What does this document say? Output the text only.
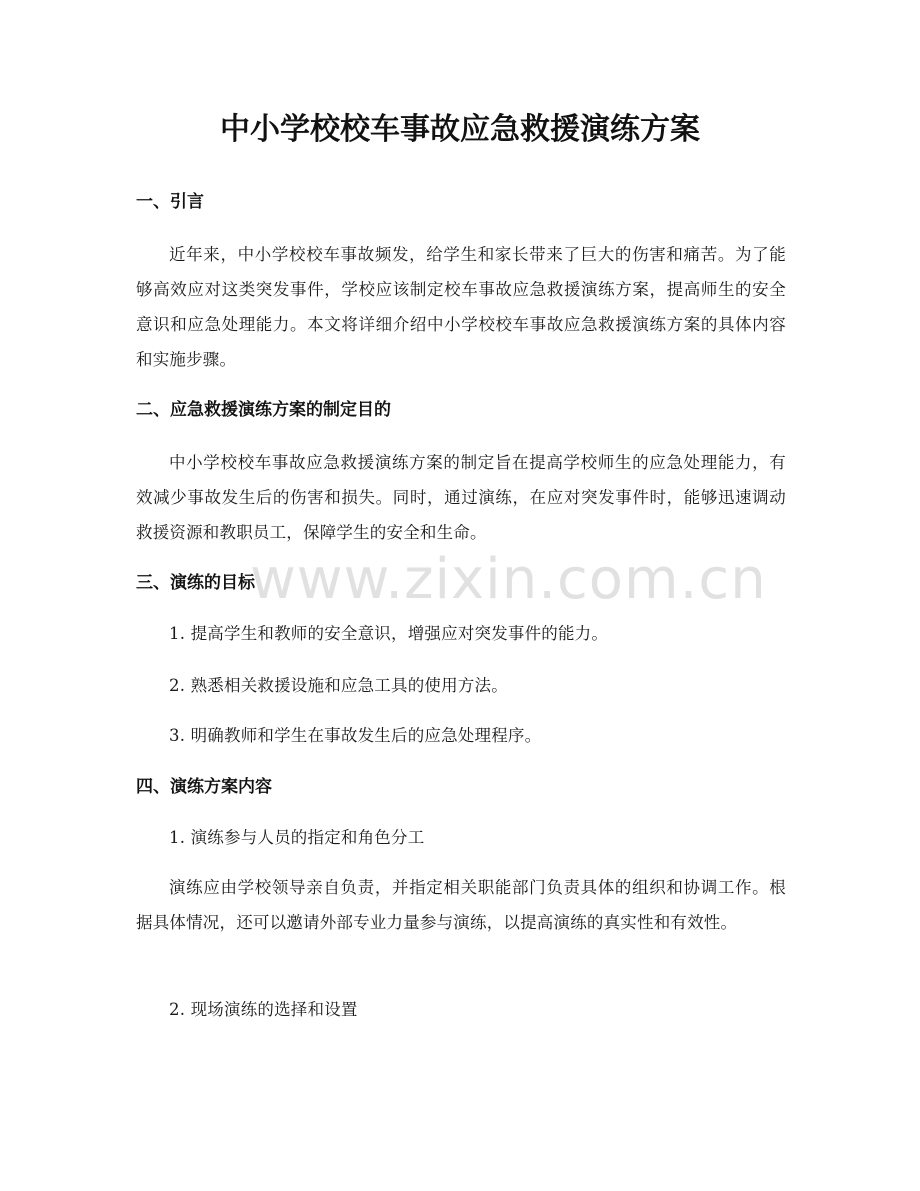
中小学校校车事故应急救援演练方案
一、引言

近年来，中小学校校车事故频发，给学生和家长带来了巨大的伤害和痛苦。为了能够高效应对这类突发事件，学校应该制定校车事故应急救援演练方案，提高师生的安全意识和应急处理能力。本文将详细介绍中小学校校车事故应急救援演练方案的具体内容和实施步骤。

二、应急救援演练方案的制定目的

中小学校校车事故应急救援演练方案的制定旨在提高学校师生的应急处理能力，有效减少事故发生后的伤害和损失。同时，通过演练，在应对突发事件时，能够迅速调动救援资源和教职员工，保障学生的安全和生命。

三、演练的目标

1. 提高学生和教师的安全意识，增强应对突发事件的能力。

2. 熟悉相关救援设施和应急工具的使用方法。

3. 明确教师和学生在事故发生后的应急处理程序。

四、演练方案内容

1. 演练参与人员的指定和角色分工

演练应由学校领导亲自负责，并指定相关职能部门负责具体的组织和协调工作。根据具体情况，还可以邀请外部专业力量参与演练，以提高演练的真实性和有效性。

2. 现场演练的选择和设置

www.zixin.com.cn
